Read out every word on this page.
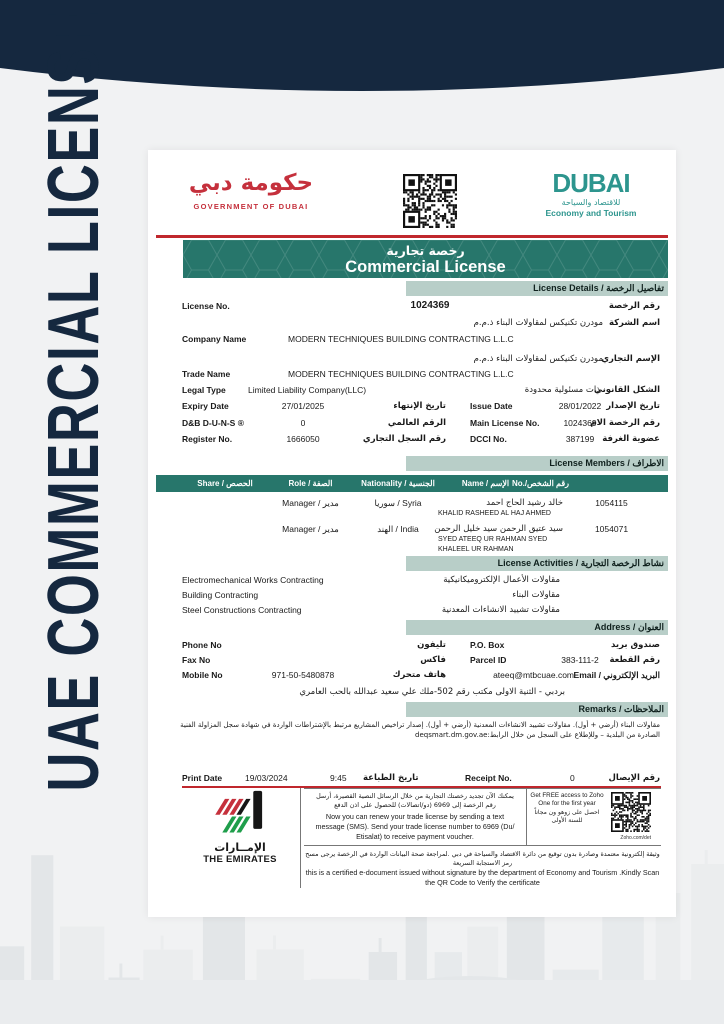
UAE COMMERCIAL LICENSE	حكومة دبي
GOVERNMENT OF DUBAI
DUBAI
للاقتصاد والسياحة
Economy and Tourism
رخصة تجارية
Commercial License
License Details / تفاصيل الرخصة
License No.	1024369	رقم الرخصة
مودرن تكنيكس لمقاولات البناء ذ.م.م اسم الشركة
Company Name	MODERN TECHNIQUES BUILDING CONTRACTING L.L.C
مودرن تكنيكس لمقاولات البناء ذ.م.م
الإسم التجاري
Trade Name	MODERN TECHNIQUES BUILDING CONTRACTING L.L.C
Legal Type	Limited Liability Company(LLC)	ذات مسئولية محدودة
الشكل القانوني
Expiry Date	27/01/2025	تاريخ الإنتهاء	Issue Date	28/01/2022 تاريخ الإصدار
D&B D-U-N-S ®	0	الرقم العالمي	Main License No.	1024369
رقم الرخصة الام
Register No.	1666050	رقم السجل التجاري	DCCI No.	387199 عضوية الغرفة
License Members / الاطراف
Share / الحصص	Role / الصفة	Nationality / الجنسية	Name / الإسم No./رقم الشخص
Manager / مدير	سوريا / Syria	خالد رشيد الحاج احمد	1054115
KHALID RASHEED AL HAJ AHMED
Manager / مدير	الهند / India	سيد عتيق الرحمن سيد خليل الرحمن	1054071
SYED ATEEQ UR RAHMAN SYED KHALEEL UR RAHMAN
License Activities / نشاط الرخصة التجارية
Electromechanical Works Contracting	مقاولات الأعمال الإلكتروميكانيكية
Building Contracting	مقاولات البناء
Steel Constructions Contracting	مقاولات تشييد الانشاءات المعدنية
Address / العنوان
Phone No	تليفون	P.O. Box	صندوق بريد
Fax No	فاكس	Parcel ID	383-111-2	رقم القطعة
Mobile No	971-50-5480878	هاتف متحرك	ateeq@mtbcuae.com Email / البريد الإلكتروني
بردبي - الثنية الاولى مكتب رقم 502-ملك علي سعيد عبدالله بالحب العامري
Remarks / الملاحظات
مقاولات البناء (أرضي + أول). مقاولات تشييد الانشاءات المعدنية (أرضي + أول). إصدار تراخيص المشاريع مرتبط بالإشتراطات الواردة في شهادة سجل المزاولة الفنية الصادرة من البلدية – وللإطلاع على السجل من خلال الرابط:deqsmart.dm.gov.ae
Print Date	19/03/2024	9:45 تاريخ الطباعة	Receipt No.	0	رقم الإيصال
الإمــارات
THE EMIRATES
يمكنك الآن تجديد رخصتك التجارية من خلال الرسائل النصية القصيرة، أرسل رقم الرخصة إلى 6969 (دو/اتصالات) للحصول على اذن الدفع
Now you can renew your trade license by sending a text message (SMS). Send your trade license number to 6969 (Du/ Etisalat) to receive payment voucher.
Get FREE access to Zoho One for the first year
احصل على زوهو ون مجاناً للسنة الأولى
Zoho.com/det
وثيقة إلكترونية معتمدة وصادرة بدون توقيع من دائرة الاقتصاد والسياحة في دبي .لمراجعة صحة البيانات الواردة في الرخصة يرجى مسح رمز الاستجابة السريعة
this is a certified e-document issued without signature by the department of Economy and Tourism .Kindly Scan the QR Code to Verify the certificate
